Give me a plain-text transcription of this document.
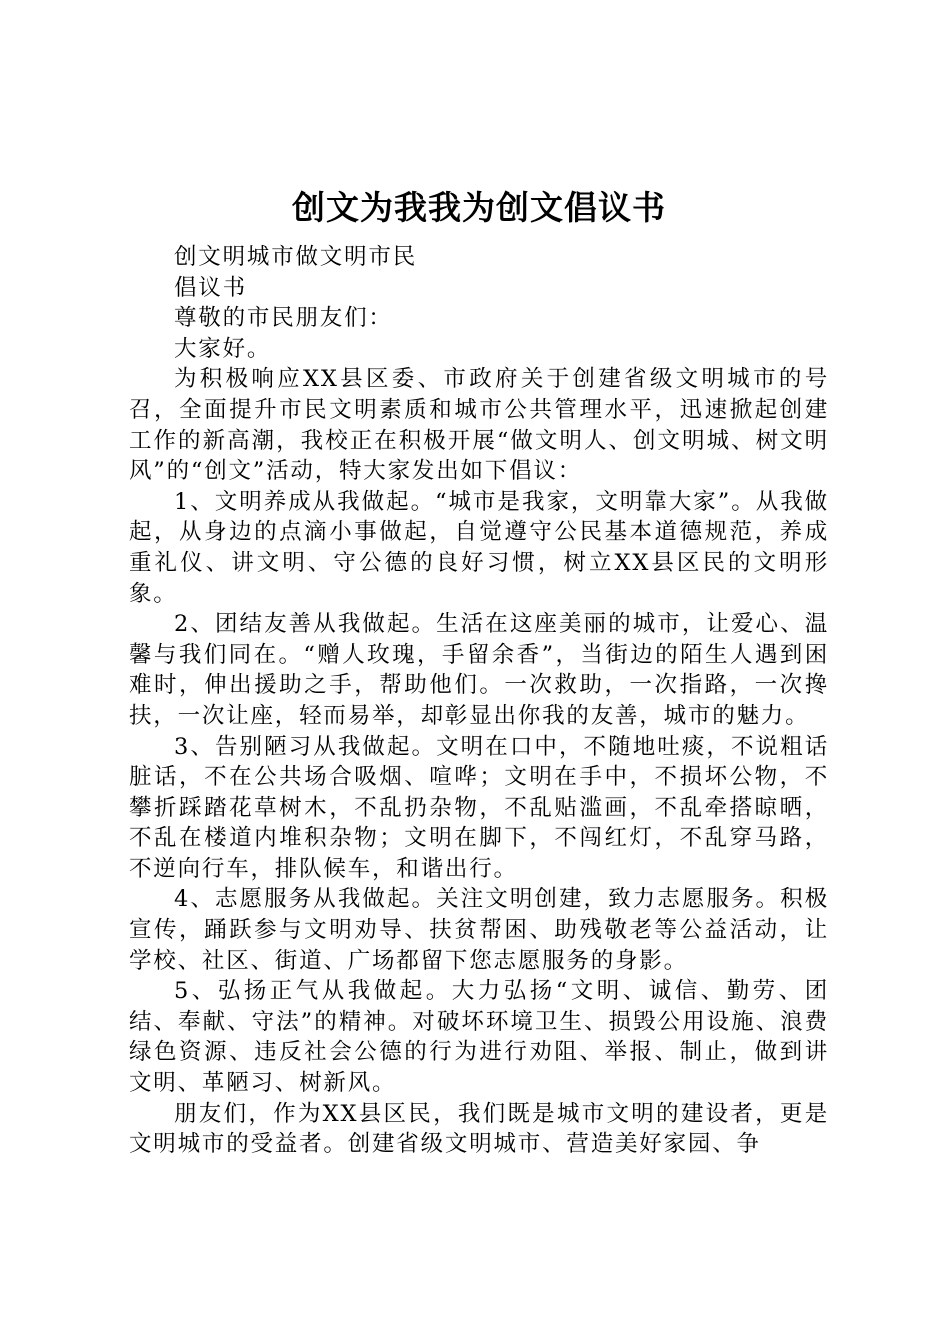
创文为我我为创文倡议书

创文明城市做文明市民

倡议书

尊敬的市民朋友们：

大家好。

为积极响应XX县区委、市政府关于创建省级文明城市的号召，全面提升市民文明素质和城市公共管理水平，迅速掀起创建工作的新高潮，我校正在积极开展“做文明人、创文明城、树文明风”的“创文”活动，特大家发出如下倡议：

1、文明养成从我做起。“城市是我家，文明靠大家”。从我做起，从身边的点滴小事做起，自觉遵守公民基本道德规范，养成重礼仪、讲文明、守公德的良好习惯，树立XX县区民的文明形象。

2、团结友善从我做起。生活在这座美丽的城市，让爱心、温馨与我们同在。“赠人玫瑰，手留余香”，当街边的陌生人遇到困难时，伸出援助之手，帮助他们。一次救助，一次指路，一次搀扶，一次让座，轻而易举，却彰显出你我的友善，城市的魅力。

3、告别陋习从我做起。文明在口中，不随地吐痰，不说粗话脏话，不在公共场合吸烟、喧哗；文明在手中，不损坏公物，不攀折踩踏花草树木，不乱扔杂物，不乱贴滥画，不乱牵搭晾晒，不乱在楼道内堆积杂物；文明在脚下，不闯红灯，不乱穿马路，不逆向行车，排队候车，和谐出行。

4、志愿服务从我做起。关注文明创建，致力志愿服务。积极宣传，踊跃参与文明劝导、扶贫帮困、助残敬老等公益活动，让学校、社区、街道、广场都留下您志愿服务的身影。

5、弘扬正气从我做起。大力弘扬“文明、诚信、勤劳、团结、奉献、守法”的精神。对破坏环境卫生、损毁公用设施、浪费绿色资源、违反社会公德的行为进行劝阻、举报、制止，做到讲文明、革陋习、树新风。

朋友们，作为XX县区民，我们既是城市文明的建设者，更是文明城市的受益者。创建省级文明城市、营造美好家园、争
